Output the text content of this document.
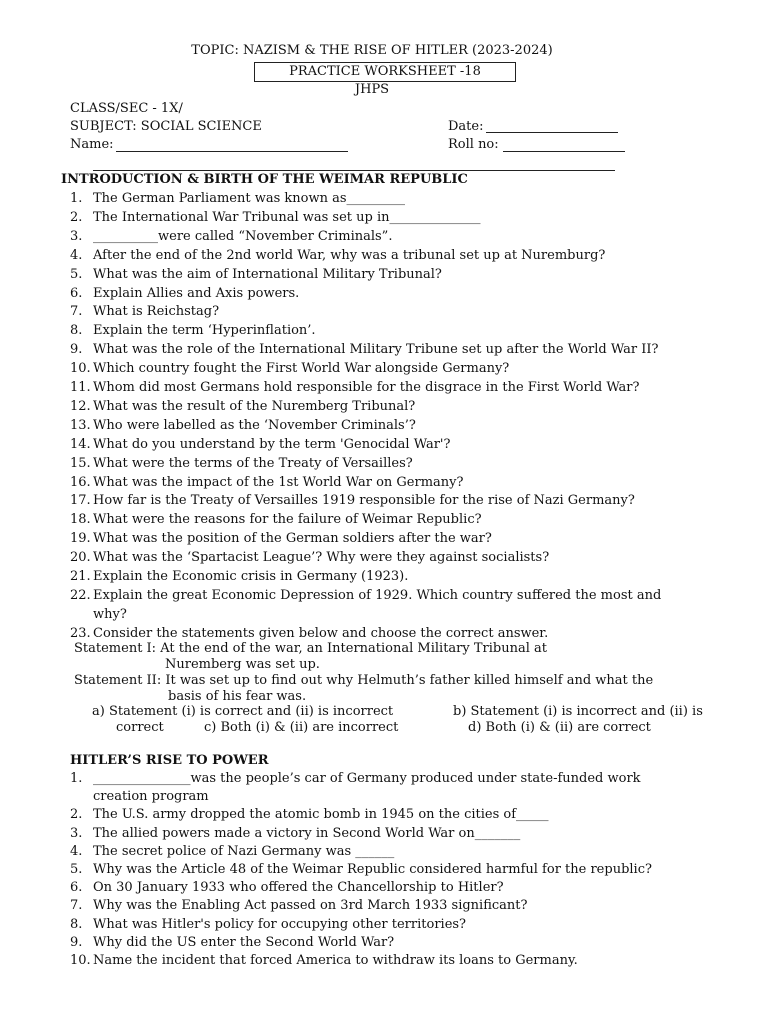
TOPIC: NAZISM & THE RISE OF HITLER (2023-2024)
PRACTICE WORKSHEET -18
JHPS
CLASS/SEC - 1X/
SUBJECT: SOCIAL SCIENCE
Name:
Date:
Roll no:
INTRODUCTION & BIRTH OF THE WEIMAR REPUBLIC
1. The German Parliament was known as_________
2. The International War Tribunal was set up in______________
3. __________were called “November Criminals”.
4. After the end of the 2nd world War, why was a tribunal set up at Nuremburg?
5. What was the aim of International Military Tribunal?
6. Explain Allies and Axis powers.
7. What is Reichstag?
8. Explain the term ‘Hyperinflation’.
9. What was the role of the International Military Tribune set up after the World War II?
10. Which country fought the First World War alongside Germany?
11. Whom did most Germans hold responsible for the disgrace in the First World War?
12. What was the result of the Nuremberg Tribunal?
13. Who were labelled as the ‘November Criminals’?
14. What do you understand by the term 'Genocidal War'?
15. What were the terms of the Treaty of Versailles?
16. What was the impact of the 1st World War on Germany?
17. How far is the Treaty of Versailles 1919 responsible for the rise of Nazi Germany?
18. What were the reasons for the failure of Weimar Republic?
19. What was the position of the German soldiers after the war?
20. What was the ‘Spartacist League’? Why were they against socialists?
21. Explain the Economic crisis in Germany (1923).
22. Explain the great Economic Depression of 1929. Which country suffered the most and
why?
23. Consider the statements given below and choose the correct answer.
Statement I: At the end of the war, an International Military Tribunal at
Nuremberg was set up.
Statement II: It was set up to find out why Helmuth’s father killed himself and what the
basis of his fear was.
a) Statement (i) is correct and (ii) is incorrect	b) Statement (i) is incorrect and (ii) is
correct	c) Both (i) & (ii) are incorrect	d) Both (i) & (ii) are correct
HITLER’S RISE TO POWER
1. _______________was the people’s car of Germany produced under state-funded work
creation program
2. The U.S. army dropped the atomic bomb in 1945 on the cities of_____
3. The allied powers made a victory in Second World War on_______
4. The secret police of Nazi Germany was ______
5. Why was the Article 48 of the Weimar Republic considered harmful for the republic?
6. On 30 January 1933 who offered the Chancellorship to Hitler?
7. Why was the Enabling Act passed on 3rd March 1933 significant?
8. What was Hitler's policy for occupying other territories?
9. Why did the US enter the Second World War?
10. Name the incident that forced America to withdraw its loans to Germany.
